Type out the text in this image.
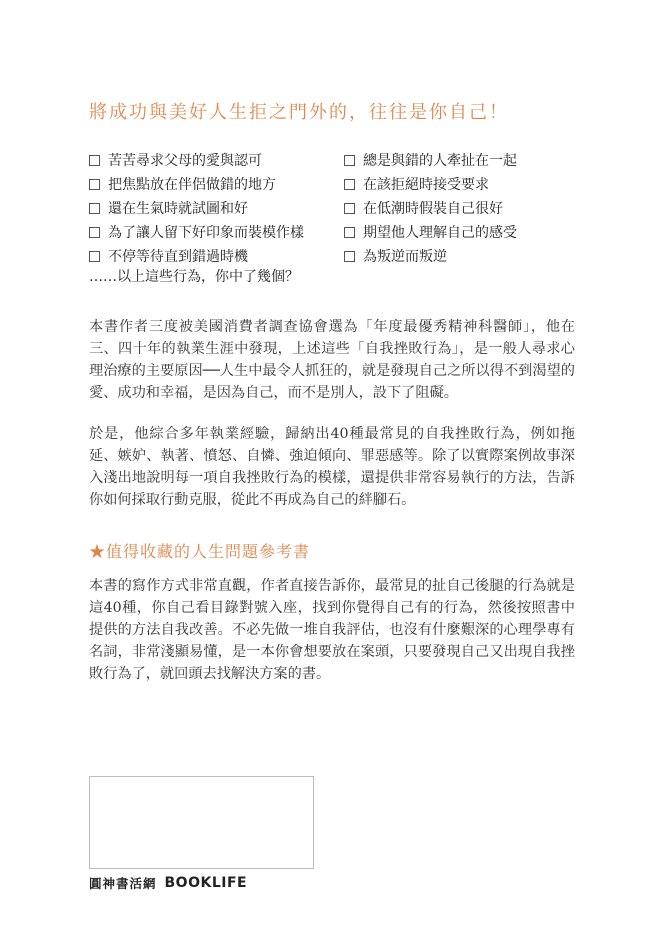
將成功與美好人生拒之門外的，往往是你自己！
苦苦尋求父母的愛與認可
把焦點放在伴侶做錯的地方
還在生氣時就試圖和好
為了讓人留下好印象而裝模作樣
不停等待直到錯過時機
總是與錯的人牽扯在一起
在該拒絕時接受要求
在低潮時假裝自己很好
期望他人理解自己的感受
為叛逆而叛逆
……以上這些行為，你中了幾個？

本書作者三度被美國消費者調查協會選為「年度最優秀精神科醫師」，他在三、四十年的執業生涯中發現，上述這些「自我挫敗行為」，是一般人尋求心理治療的主要原因──人生中最令人抓狂的，就是發現自己之所以得不到渴望的愛、成功和幸福，是因為自己，而不是別人，設下了阻礙。

於是，他綜合多年執業經驗，歸納出40種最常見的自我挫敗行為，例如拖延、嫉妒、執著、憤怒、自憐、強迫傾向、罪惡感等。除了以實際案例故事深入淺出地說明每一項自我挫敗行為的模樣，還提供非常容易執行的方法，告訴你如何採取行動克服，從此不再成為自己的絆腳石。

★值得收藏的人生問題參考書

本書的寫作方式非常直觀，作者直接告訴你，最常見的扯自己後腿的行為就是這40種，你自己看目錄對號入座，找到你覺得自己有的行為，然後按照書中提供的方法自我改善。不必先做一堆自我評估，也沒有什麼艱深的心理學專有名詞，非常淺顯易懂，是一本你會想要放在案頭，只要發現自己又出現自我挫敗行為了，就回頭去找解決方案的書。

圓神書活網 BOOKLIFE
